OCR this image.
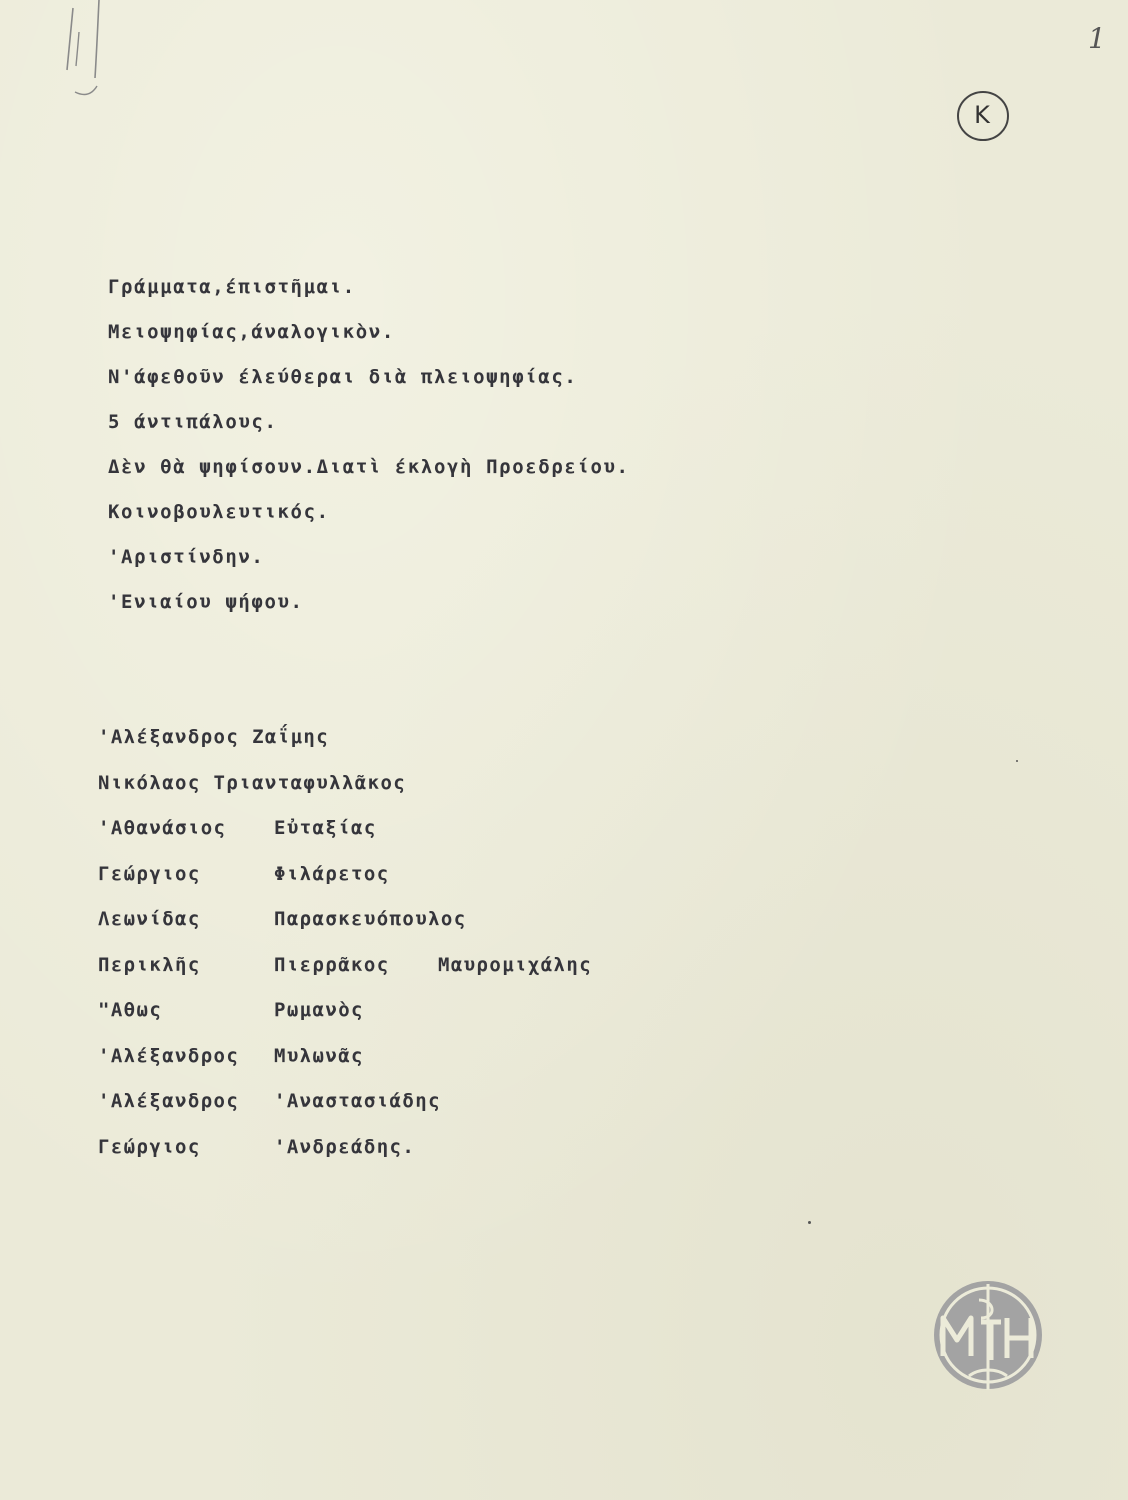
1
K
Γράμματα,έπιστῆμαι.
Μειοψηφίας,άναλογικὸν.
Ν'άφεθοῦν έλεύθεραι διὰ πλειοψηφίας.
5 άντιπάλους.
Δὲν θὰ ψηφίσουν.Διατὶ έκλογὴ Προεδρείου.
Κοινοβουλευτικός.
'Αριστίνδην.
'Ενιαίου ψήφου.
'Αλέξανδρος Ζαΐμης
Νικόλαος Τριανταφυλλᾶκος
'Αθανάσιος	Εὐταξίας
Γεώργιος	Φιλάρετος
Λεωνίδας	Παρασκευόπουλος
Περικλῆς	Πιερρᾶκος	Μαυρομιχάλης
"Αθως	Ρωμανὸς
'Αλέξανδρος Μυλωνᾶς
'Αλέξανδρος 'Αναστασιάδης
Γεώργιος	'Ανδρεάδης.
